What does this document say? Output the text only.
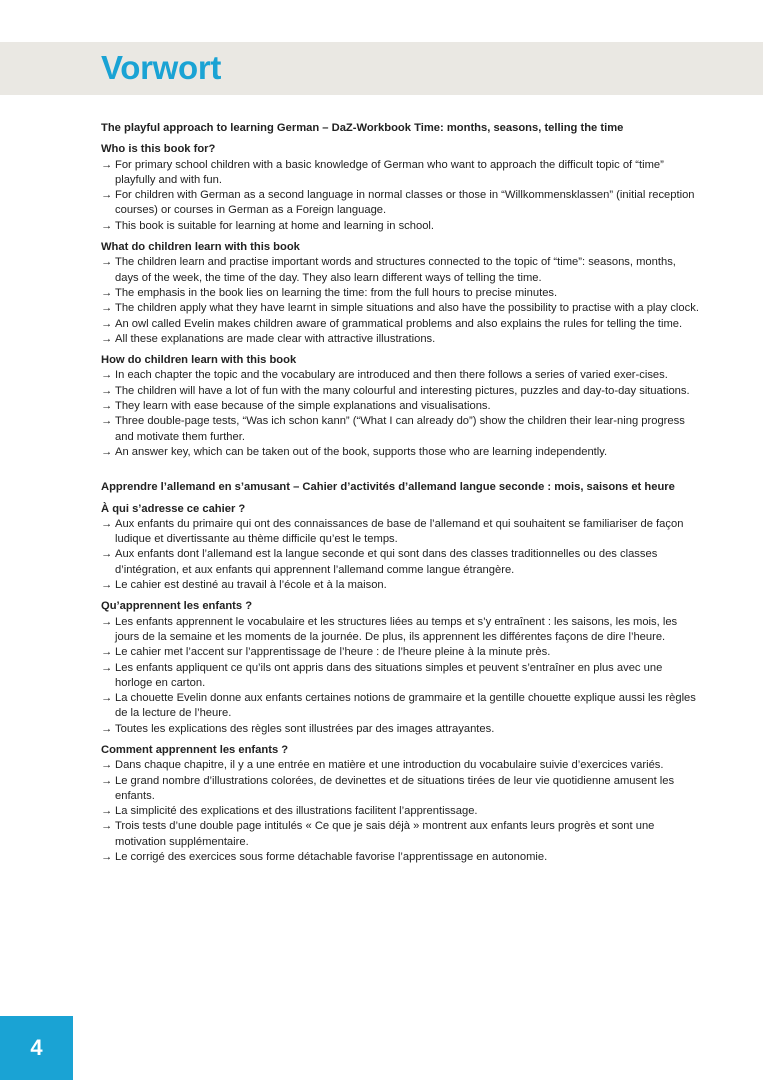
Vorwort
The playful approach to learning German – DaZ-Workbook Time: months, seasons, telling the time
Who is this book for?
→ For primary school children with a basic knowledge of German who want to approach the difficult topic of “time” playfully and with fun.
→ For children with German as a second language in normal classes or those in “Willkommensklassen” (initial reception courses) or courses in German as a Foreign language.
→ This book is suitable for learning at home and learning in school.
What do children learn with this book
→ The children learn and practise important words and structures connected to the topic of “time”: seasons, months, days of the week, the time of the day. They also learn different ways of telling the time.
→ The emphasis in the book lies on learning the time: from the full hours to precise minutes.
→ The children apply what they have learnt in simple situations and also have the possibility to practise with a play clock.
→ An owl called Evelin makes children aware of grammatical problems and also explains the rules for telling the time.
→ All these explanations are made clear with attractive illustrations.
How do children learn with this book
→ In each chapter the topic and the vocabulary are introduced and then there follows a series of varied exer-cises.
→ The children will have a lot of fun with the many colourful and interesting pictures, puzzles and day-to-day situations.
→ They learn with ease because of the simple explanations and visualisations.
→ Three double-page tests, “Was ich schon kann” (“What I can already do”) show the children their lear-ning progress and motivate them further.
→ An answer key, which can be taken out of the book, supports those who are learning independently.
Apprendre l’allemand en s’amusant – Cahier d’activités d’allemand langue seconde : mois, saisons et heure
À qui s’adresse ce cahier ?
→ Aux enfants du primaire qui ont des connaissances de base de l’allemand et qui souhaitent se familiariser de façon ludique et divertissante au thème difficile qu’est le temps.
→ Aux enfants dont l’allemand est la langue seconde et qui sont dans des classes traditionnelles ou des classes d’intégration, et aux enfants qui apprennent l’allemand comme langue étrangère.
→ Le cahier est destiné au travail à l’école et à la maison.
Qu’apprennent les enfants ?
→ Les enfants apprennent le vocabulaire et les structures liées au temps et s’y entraînent : les saisons, les mois, les jours de la semaine et les moments de la journée. De plus, ils apprennent les différentes façons de dire l’heure.
→ Le cahier met l’accent sur l’apprentissage de l’heure : de l’heure pleine à la minute près.
→ Les enfants appliquent ce qu’ils ont appris dans des situations simples et peuvent s’entraîner en plus avec une horloge en carton.
→ La chouette Evelin donne aux enfants certaines notions de grammaire et la gentille chouette explique aussi les règles de la lecture de l’heure.
→ Toutes les explications des règles sont illustrées par des images attrayantes.
Comment apprennent les enfants ?
→ Dans chaque chapitre, il y a une entrée en matière et une introduction du vocabulaire suivie d’exercices variés.
→ Le grand nombre d’illustrations colorées, de devinettes et de situations tirées de leur vie quotidienne amusent les enfants.
→ La simplicité des explications et des illustrations facilitent l’apprentissage.
→ Trois tests d’une double page intitulés « Ce que je sais déjà » montrent aux enfants leurs progrès et sont une motivation supplémentaire.
→ Le corrigé des exercices sous forme détachable favorise l’apprentissage en autonomie.
4
